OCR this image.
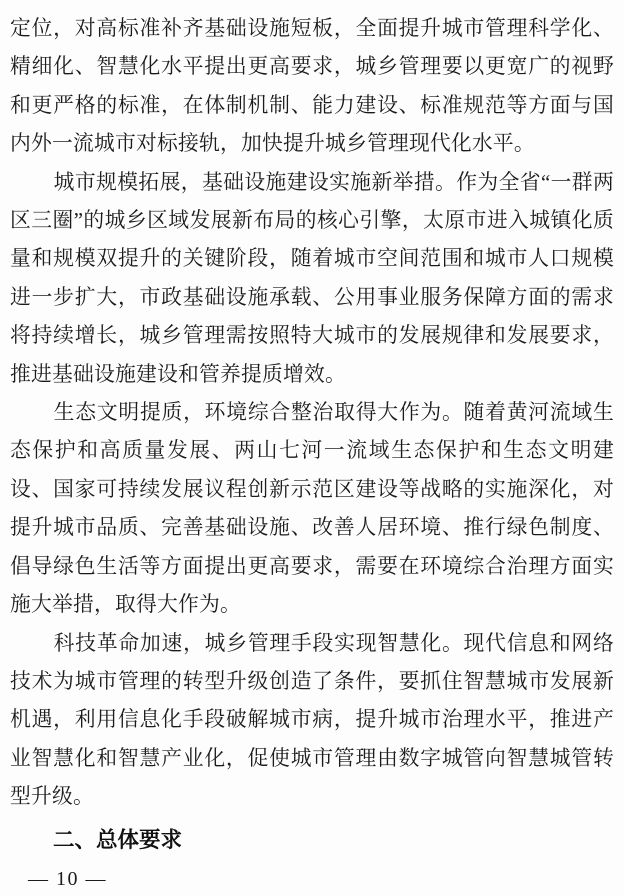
定位，对高标准补齐基础设施短板，全面提升城市管理科学化、精细化、智慧化水平提出更高要求，城乡管理要以更宽广的视野和更严格的标准，在体制机制、能力建设、标准规范等方面与国内外一流城市对标接轨，加快提升城乡管理现代化水平。

城市规模拓展，基础设施建设实施新举措。作为全省“一群两区三圈”的城乡区域发展新布局的核心引擎，太原市进入城镇化质量和规模双提升的关键阶段，随着城市空间范围和城市人口规模进一步扩大，市政基础设施承载、公用事业服务保障方面的需求将持续增长，城乡管理需按照特大城市的发展规律和发展要求，推进基础设施建设和管养提质增效。

生态文明提质，环境综合整治取得大作为。随着黄河流域生态保护和高质量发展、两山七河一流域生态保护和生态文明建设、国家可持续发展议程创新示范区建设等战略的实施深化，对提升城市品质、完善基础设施、改善人居环境、推行绿色制度、倡导绿色生活等方面提出更高要求，需要在环境综合治理方面实施大举措，取得大作为。

科技革命加速，城乡管理手段实现智慧化。现代信息和网络技术为城市管理的转型升级创造了条件，要抓住智慧城市发展新机遇，利用信息化手段破解城市病，提升城市治理水平，推进产业智慧化和智慧产业化，促使城市管理由数字城管向智慧城管转型升级。

二、总体要求
— 10 —
